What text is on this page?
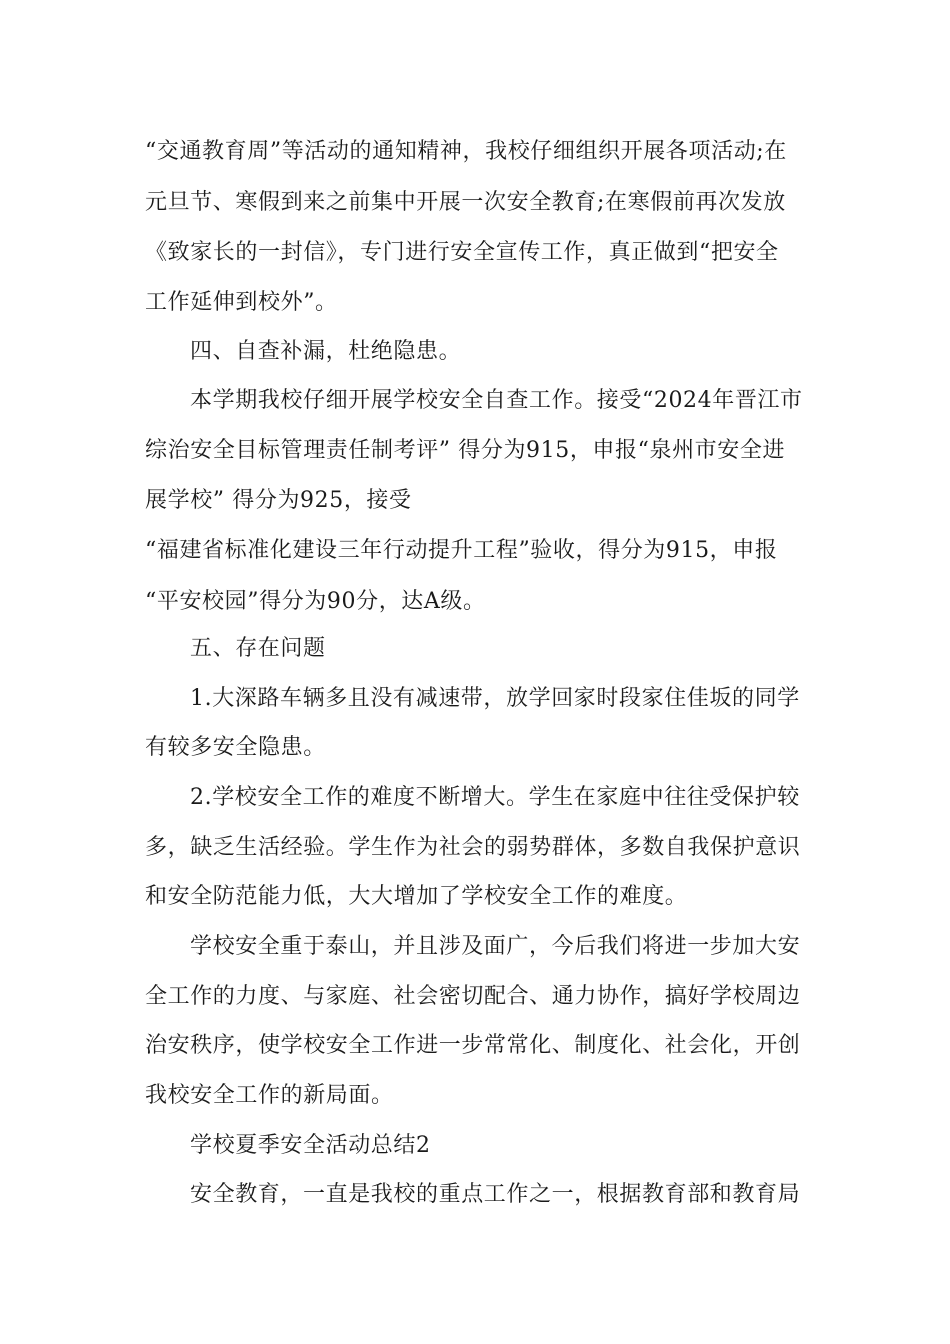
“交通教育周”等活动的通知精神，我校仔细组织开展各项活动;在

元旦节、寒假到来之前集中开展一次安全教育;在寒假前再次发放

《致家长的一封信》，专门进行安全宣传工作，真正做到“把安全

工作延伸到校外”。

四、自查补漏，杜绝隐患。

本学期我校仔细开展学校安全自查工作。接受“2024年晋江市

综治安全目标管理责任制考评” 得分为915，申报“泉州市安全进

展学校” 得分为925，接受

“福建省标准化建设三年行动提升工程”验收，得分为915，申报

“平安校园”得分为90分，达A级。

五、存在问题

1.大深路车辆多且没有减速带，放学回家时段家住佳坂的同学

有较多安全隐患。

2.学校安全工作的难度不断增大。学生在家庭中往往受保护较

多，缺乏生活经验。学生作为社会的弱势群体，多数自我保护意识

和安全防范能力低，大大增加了学校安全工作的难度。

学校安全重于泰山，并且涉及面广，今后我们将进一步加大安

全工作的力度、与家庭、社会密切配合、通力协作，搞好学校周边

治安秩序，使学校安全工作进一步常常化、制度化、社会化，开创

我校安全工作的新局面。

学校夏季安全活动总结2

安全教育，一直是我校的重点工作之一，根据教育部和教育局
